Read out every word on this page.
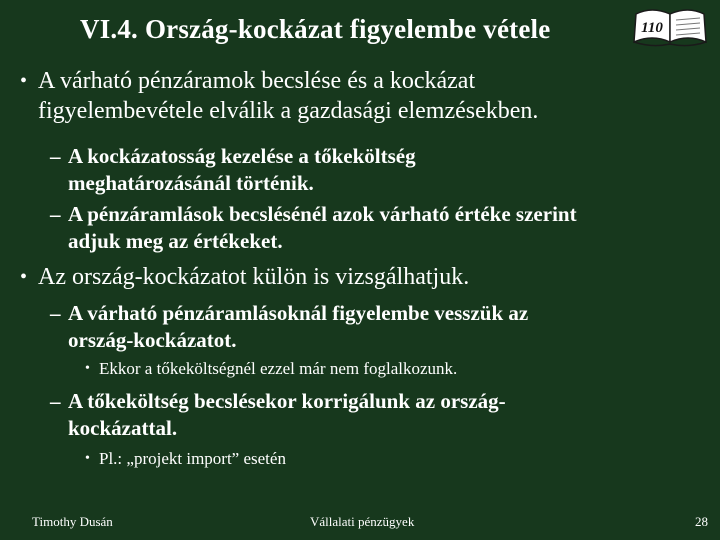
VI.4. Ország-kockázat figyelembe vétele	110
• A várható pénzáramok becslése és a kockázat
figyelembevétele elválik a gazdasági elemzésekben.
– A kockázatosság kezelése a tőkeköltség
meghatározásánál történik.
– A pénzáramlások becslésénél azok várható értéke szerint
adjuk meg az értékeket.
• Az ország-kockázatot külön is vizsgálhatjuk.
– A várható pénzáramlásoknál figyelembe vesszük az
ország-kockázatot.
• Ekkor a tőkeköltségnél ezzel már nem foglalkozunk.
– A tőkeköltség becslésekor korrigálunk az ország-
kockázattal.
• Pl.: „projekt import” esetén
Timothy Dusán	Vállalati pénzügyek	28
